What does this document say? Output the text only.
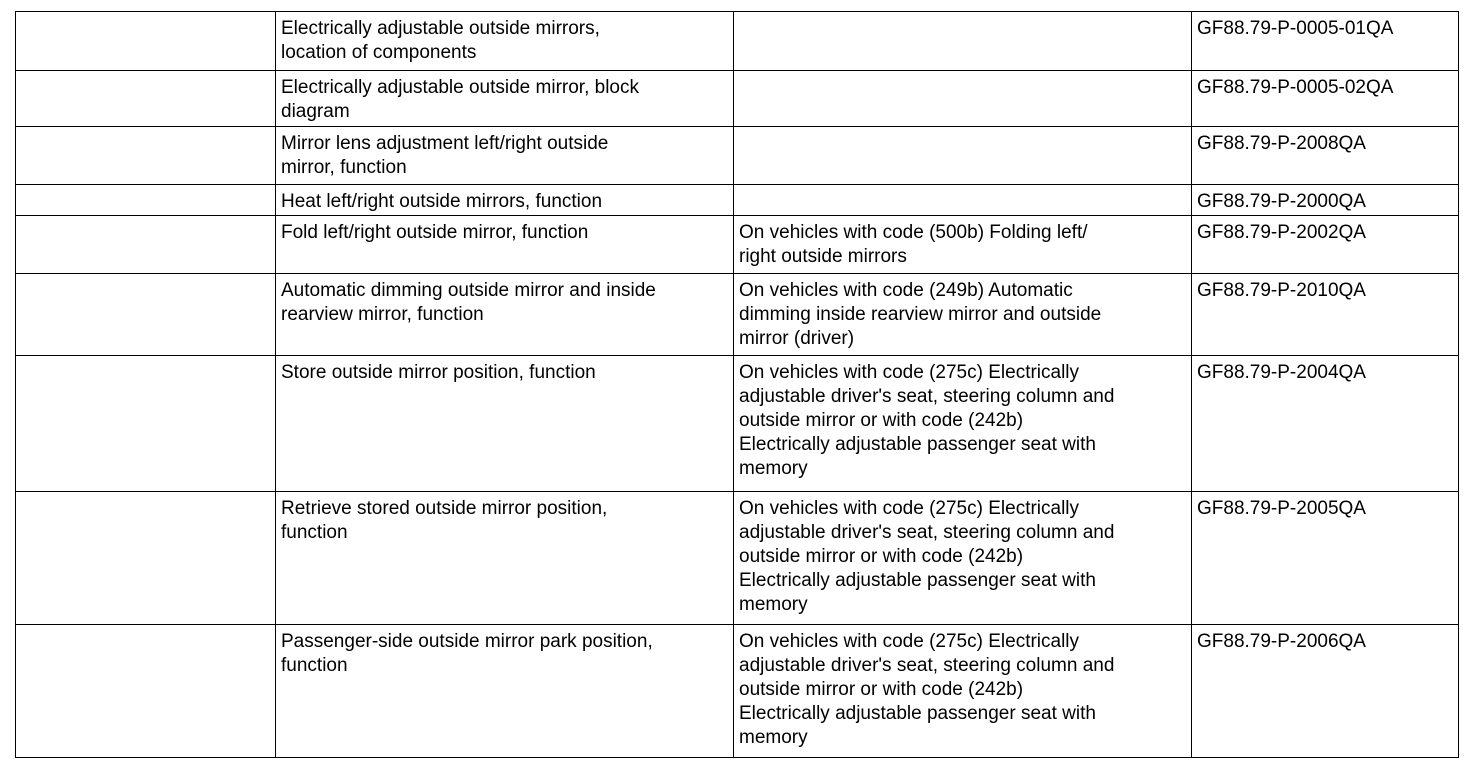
	Electrically adjustable outside mirrors,
location of components		GF88.79-P-0005-01QA

	Electrically adjustable outside mirror, block
diagram		GF88.79-P-0005-02QA

	Mirror lens adjustment left/right outside
mirror, function		GF88.79-P-2008QA

	Heat left/right outside mirrors, function		GF88.79-P-2000QA

	Fold left/right outside mirror, function	On vehicles with code (500b) Folding left/
right outside mirrors	GF88.79-P-2002QA

	Automatic dimming outside mirror and inside
rearview mirror, function	On vehicles with code (249b) Automatic
dimming inside rearview mirror and outside
mirror (driver)	GF88.79-P-2010QA

	Store outside mirror position, function	On vehicles with code (275c) Electrically
adjustable driver's seat, steering column and
outside mirror or with code (242b)
Electrically adjustable passenger seat with
memory	GF88.79-P-2004QA

	Retrieve stored outside mirror position,
function	On vehicles with code (275c) Electrically
adjustable driver's seat, steering column and
outside mirror or with code (242b)
Electrically adjustable passenger seat with
memory	GF88.79-P-2005QA

	Passenger-side outside mirror park position,
function	On vehicles with code (275c) Electrically
adjustable driver's seat, steering column and
outside mirror or with code (242b)
Electrically adjustable passenger seat with
memory	GF88.79-P-2006QA
